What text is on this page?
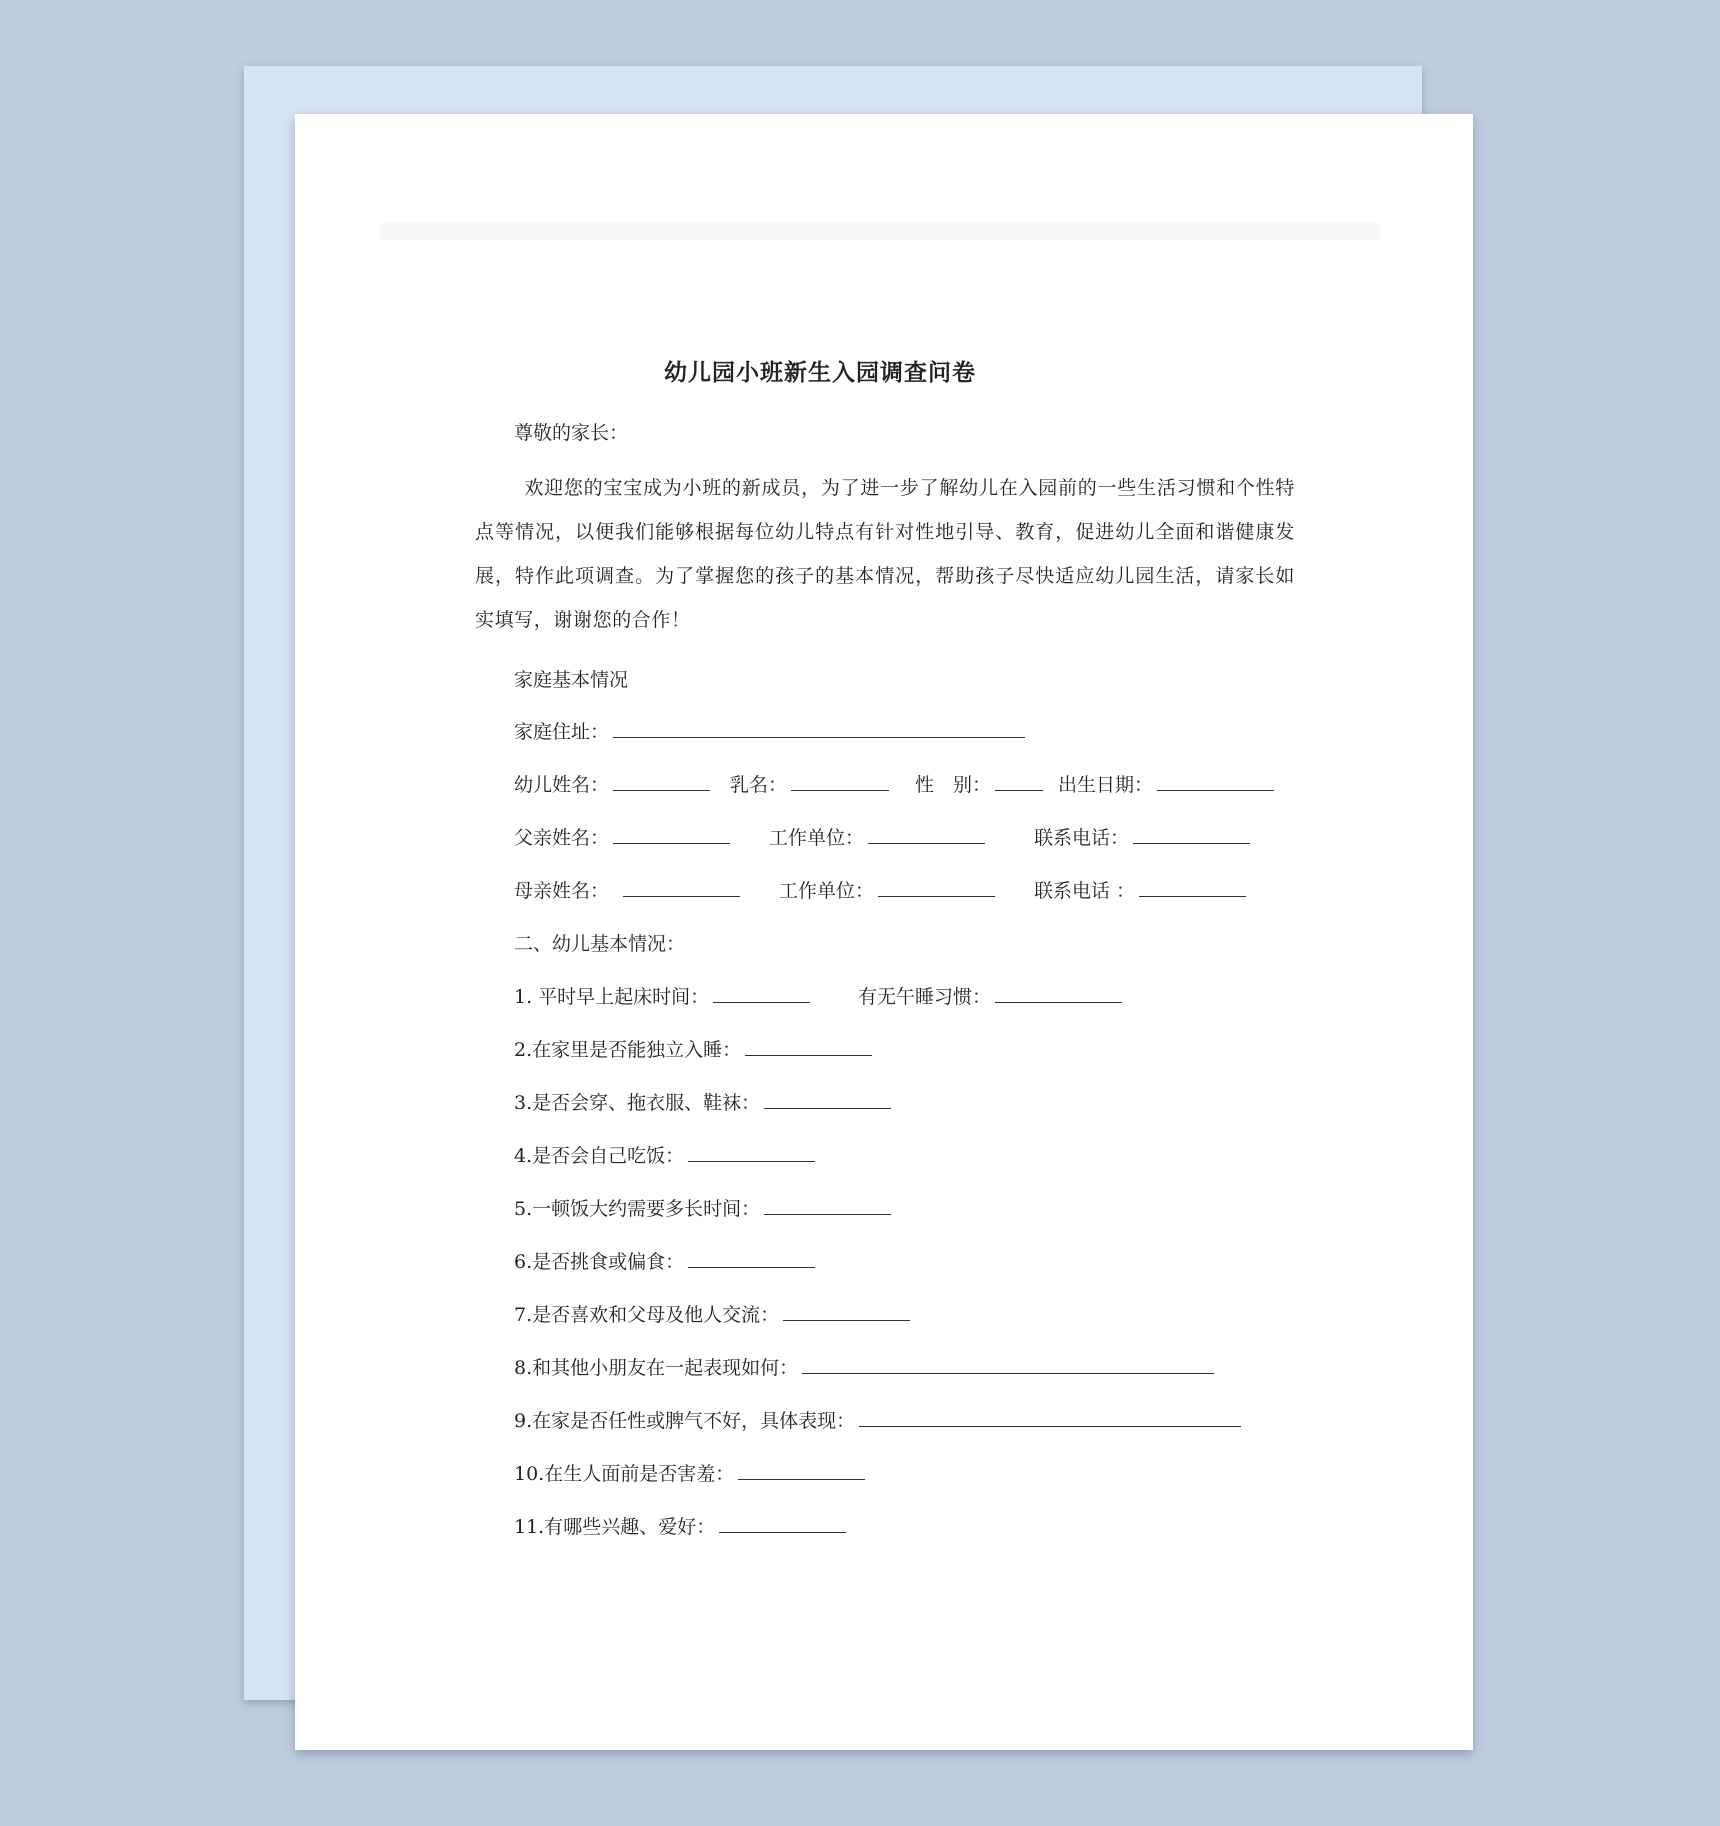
幼儿园小班新生入园调查问卷
尊敬的家长：
欢迎您的宝宝成为小班的新成员，为了进一步了解幼儿在入园前的一些生活习惯和个性特点等情况，以便我们能够根据每位幼儿特点有针对性地引导、教育，促进幼儿全面和谐健康发展，特作此项调查。为了掌握您的孩子的基本情况，帮助孩子尽快适应幼儿园生活，请家长如实填写，谢谢您的合作！
家庭基本情况
家庭住址：
幼儿姓名：	乳名：	性　别：	出生日期：
父亲姓名：	工作单位：	联系电话：
母亲姓名：	工作单位：	联系电话 ：
二、幼儿基本情况：
1. 平时早上起床时间：	有无午睡习惯：
2.在家里是否能独立入睡：
3.是否会穿、拖衣服、鞋袜：
4.是否会自己吃饭：
5.一顿饭大约需要多长时间：
6.是否挑食或偏食：
7.是否喜欢和父母及他人交流：
8.和其他小朋友在一起表现如何：
9.在家是否任性或脾气不好，具体表现：
10.在生人面前是否害羞：
11.有哪些兴趣、爱好：
